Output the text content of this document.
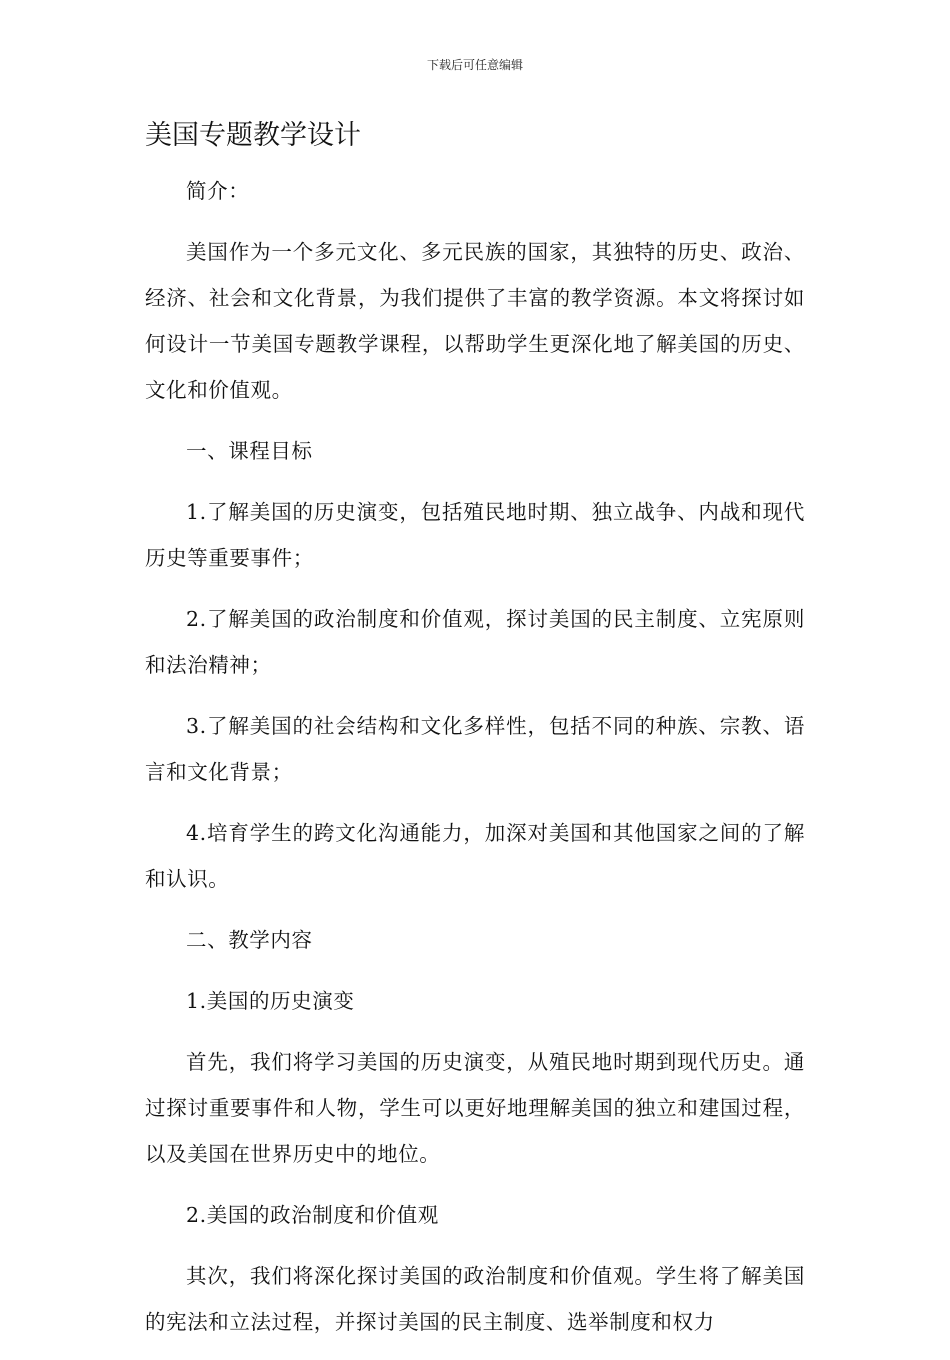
下载后可任意编辑
美国专题教学设计

简介：

美国作为一个多元文化、多元民族的国家，其独特的历史、政治、经济、社会和文化背景，为我们提供了丰富的教学资源。本文将探讨如何设计一节美国专题教学课程，以帮助学生更深化地了解美国的历史、文化和价值观。

一、课程目标

1.了解美国的历史演变，包括殖民地时期、独立战争、内战和现代历史等重要事件；

2.了解美国的政治制度和价值观，探讨美国的民主制度、立宪原则和法治精神；

3.了解美国的社会结构和文化多样性，包括不同的种族、宗教、语言和文化背景；

4.培育学生的跨文化沟通能力，加深对美国和其他国家之间的了解和认识。

二、教学内容

1.美国的历史演变

首先，我们将学习美国的历史演变，从殖民地时期到现代历史。通过探讨重要事件和人物，学生可以更好地理解美国的独立和建国过程，以及美国在世界历史中的地位。

2.美国的政治制度和价值观

其次，我们将深化探讨美国的政治制度和价值观。学生将了解美国的宪法和立法过程，并探讨美国的民主制度、选举制度和权力
